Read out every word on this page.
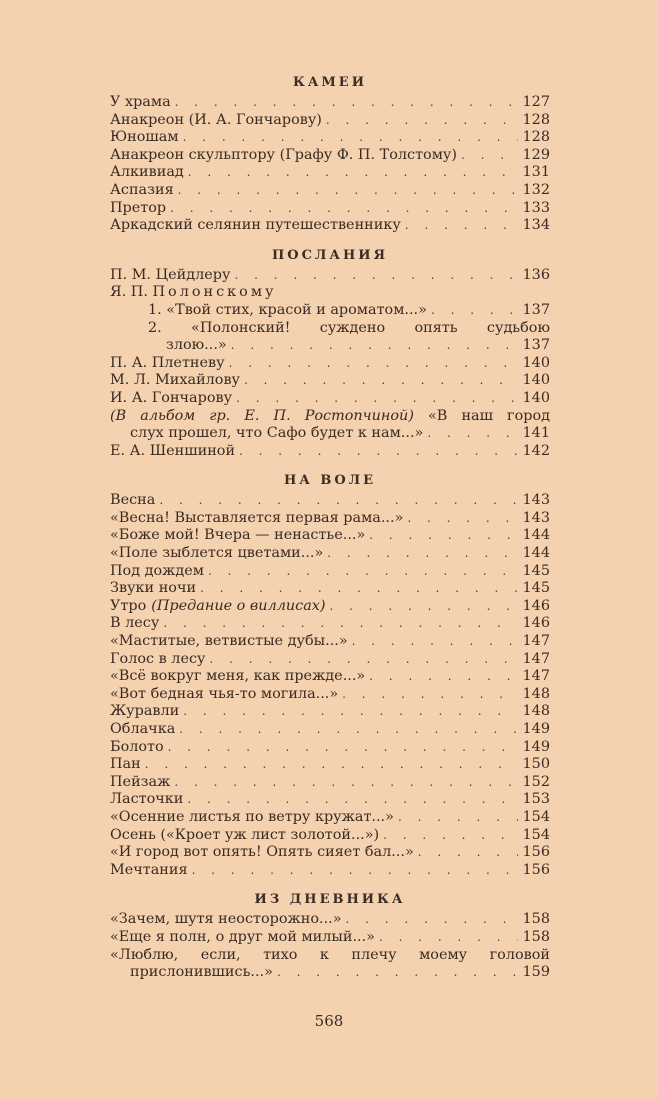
КАМЕИ
У храма . . .	127
Анакреон (И. А. Гончарову) . . .	128
Юношам . . .	128
Анакреон скульптору (Графу Ф. П. Толстому) . . .	129
Алкивиад . . .	131
Аспазия . . .	132
Претор . . .	133
Аркадский селянин путешественнику . . .	134
ПОСЛАНИЯ
П. М. Цейдлеру . . .	136
Я. П.
Полонскому
1. «Твой стих, красой и ароматом...» . . .	137
2. «Полонский! суждено опять судьбою
злою...» . . .	137
П. А. Плетневу . . .	140
М. Л. Михайлову . . .	140
И. А. Гончарову . . .	140
(В альбом гр. Е. П. Ростопчиной) «В наш город
слух прошел, что Сафо будет к нам...» . . .	141
Е. А. Шеншиной . . .	142
НА ВОЛЕ
Весна . . .	143
«Весна! Выставляется первая рама...» . . .	143
«Боже мой! Вчера — ненастье...» . . .	144
«Поле зыблется цветами...» . . .	144
Под дождем . . .	145
Звуки ночи . . .	145
Утро (Предание о виллисах) . . .	146
В лесу . . .	146
«Маститые, ветвистые дубы...» . . .	147
Голос в лесу . . .	147
«Всё вокруг меня, как прежде...» . . .	147
«Вот бедная чья-то могила...» . . .	148
Журавли . . .	148
Облачка . . .	149
Болото . . .	149
Пан . . .	150
Пейзаж . . .	152
Ласточки . . .	153
«Осенние листья по ветру кружат...» . . .	154
Осень («Кроет уж лист золотой...») . . .	154
«И город вот опять! Опять сияет бал...» . . .	156
Мечтания . . .	156
ИЗ ДНЕВНИКА
«Зачем, шутя неосторожно...» . . .	158
«Еще я полн, о друг мой милый...» . . .	158
«Люблю, если, тихо к плечу моему головой
прислонившись...» . . .	159
568
